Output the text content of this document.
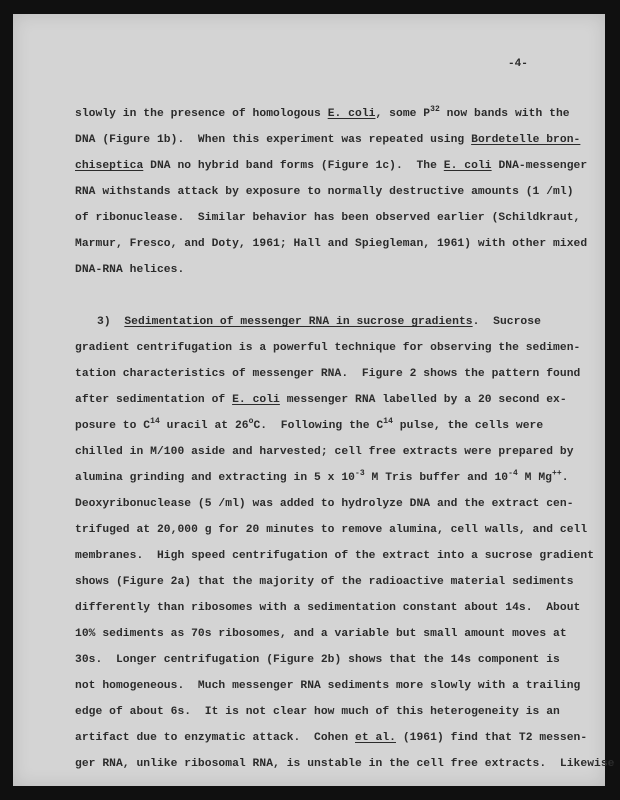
-4-
slowly in the presence of homologous E. coli, some $P^{32}$ now bands with the
DNA (Figure 1b).  When this experiment was repeated using Bordetelle bron-
chiseptica DNA no hybrid band forms (Figure 1c).  The E. coli DNA-messenger
RNA withstands attack by exposure to normally destructive amounts (1 /ml)
of ribonuclease.  Similar behavior has been observed earlier (Schildkraut,
Marmur, Fresco, and Doty, 1961; Hall and Spiegleman, 1961) with other mixed
DNA-RNA helices.
3)  Sedimentation of messenger RNA in sucrose gradients.  Sucrose
gradient centrifugation is a powerful technique for observing the sedimen-
tation characteristics of messenger RNA.  Figure 2 shows the pattern found
after sedimentation of E. coli messenger RNA labelled by a 20 second ex-
posure to $C^{14}$ uracil at 26$^o$C.  Following the $C^{14}$ pulse, the cells were
chilled in M/100 aside and harvested; cell free extracts were prepared by
alumina grinding and extracting in 5 x $10^{-3}$ M Tris buffer and $10^{-4}$ M Mg++.
Deoxyribonuclease (5 /ml) was added to hydrolyze DNA and the extract cen-
trifuged at 20,000 g for 20 minutes to remove alumina, cell walls, and cell
membranes.  High speed centrifugation of the extract into a sucrose gradient
shows (Figure 2a) that the majority of the radioactive material sediments
differently than ribosomes with a sedimentation constant about 14s.  About
10% sediments as 70s ribosomes, and a variable but small amount moves at
30s.  Longer centrifugation (Figure 2b) shows that the 14s component is
not homogeneous.  Much messenger RNA sediments more slowly with a trailing
edge of about 6s.  It is not clear how much of this heterogeneity is an
artifact due to enzymatic attack.  Cohen et al. (1961) find that T2 messen-
ger RNA, unlike ribosomal RNA, is unstable in the cell free extracts.  Likewise
